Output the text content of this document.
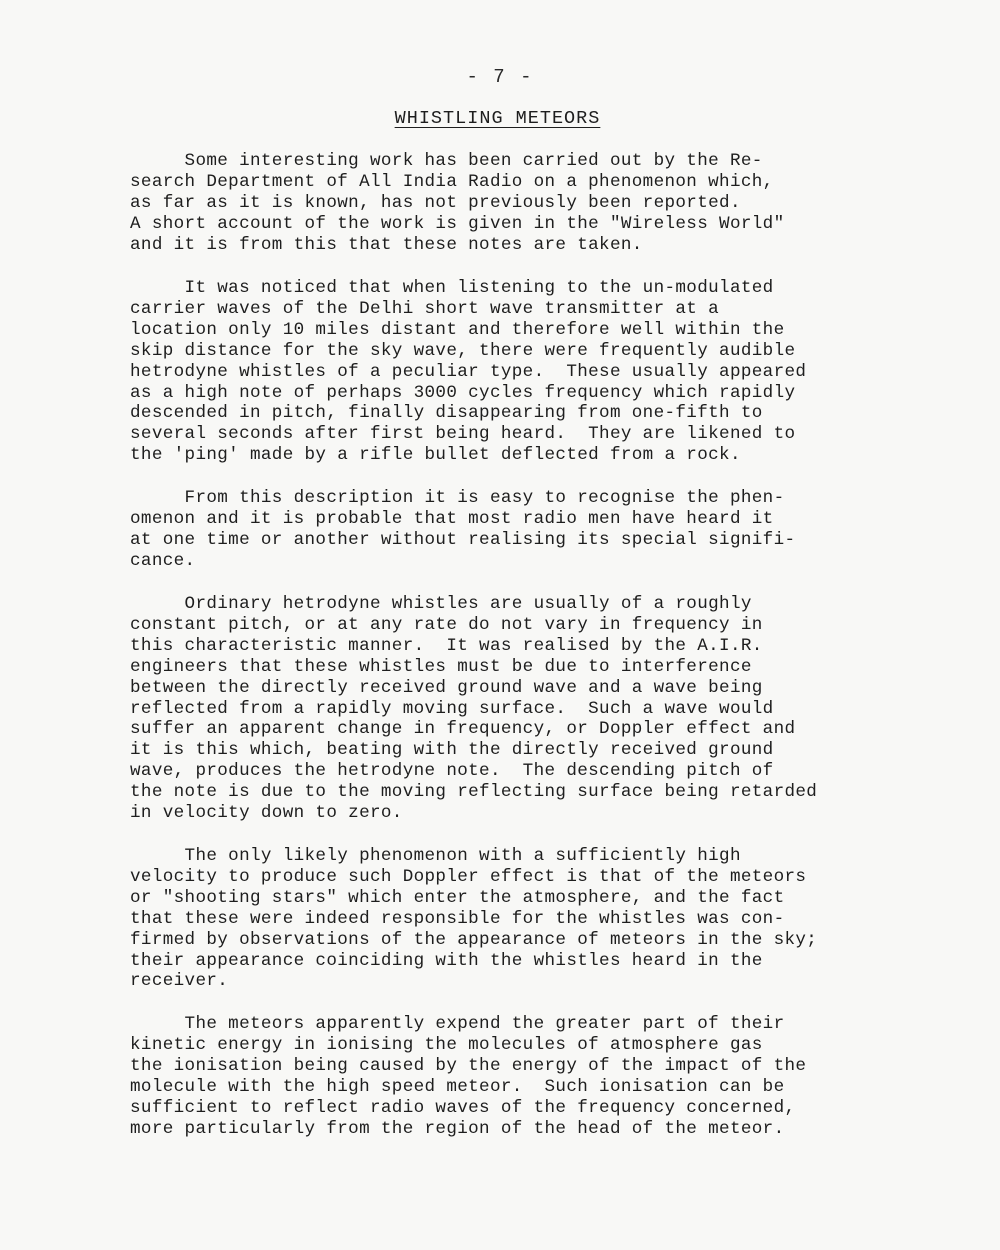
- 7 -
WHISTLING METEORS
Some interesting work has been carried out by the Re-
search Department of All India Radio on a phenomenon which,
as far as it is known, has not previously been reported.
A short account of the work is given in the "Wireless World"
and it is from this that these notes are taken.
It was noticed that when listening to the un-modulated
carrier waves of the Delhi short wave transmitter at a
location only 10 miles distant and therefore well within the
skip distance for the sky wave, there were frequently audible
hetrodyne whistles of a peculiar type.  These usually appeared
as a high note of perhaps 3000 cycles frequency which rapidly
descended in pitch, finally disappearing from one-fifth to
several seconds after first being heard.  They are likened to
the 'ping' made by a rifle bullet deflected from a rock.
From this description it is easy to recognise the phen-
omenon and it is probable that most radio men have heard it
at one time or another without realising its special signifi-
cance.
Ordinary hetrodyne whistles are usually of a roughly
constant pitch, or at any rate do not vary in frequency in
this characteristic manner.  It was realised by the A.I.R.
engineers that these whistles must be due to interference
between the directly received ground wave and a wave being
reflected from a rapidly moving surface.  Such a wave would
suffer an apparent change in frequency, or Doppler effect and
it is this which, beating with the directly received ground
wave, produces the hetrodyne note.  The descending pitch of
the note is due to the moving reflecting surface being retarded
in velocity down to zero.
The only likely phenomenon with a sufficiently high
velocity to produce such Doppler effect is that of the meteors
or "shooting stars" which enter the atmosphere, and the fact
that these were indeed responsible for the whistles was con-
firmed by observations of the appearance of meteors in the sky;
their appearance coinciding with the whistles heard in the
receiver.
The meteors apparently expend the greater part of their
kinetic energy in ionising the molecules of atmosphere gas
the ionisation being caused by the energy of the impact of the
molecule with the high speed meteor.  Such ionisation can be
sufficient to reflect radio waves of the frequency concerned,
more particularly from the region of the head of the meteor.
